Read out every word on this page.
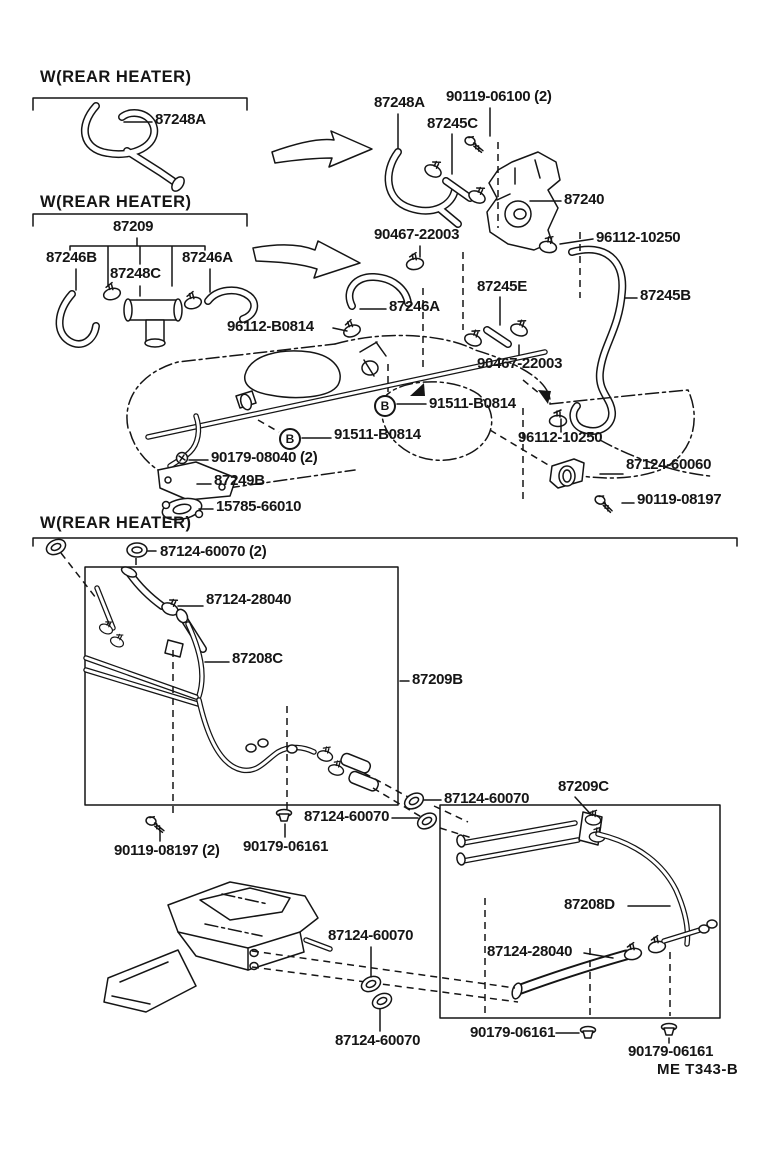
W(REAR HEATER)
87248A
W(REAR HEATER)
87209
87246B
87248C
87246A
87248A 90119-06100 (2)
87245C
87240
96112-10250
87245B
90467-22003
87246A
87245E
96112-B0814
90467-22003
B	91511-B0814
B	91511-B0814	96112-10250
90179-08040 (2)
87249B
15785-66010
87124-60060
90119-08197
W(REAR HEATER)
87124-60070 (2)
87124-28040
87208C
87209B
87124-60070
87124-60070
90119-08197 (2) 90179-06161
87209C
87208D
87124-28040
87124-60070
87124-60070	90179-06161
90179-06161
ME T343-B
